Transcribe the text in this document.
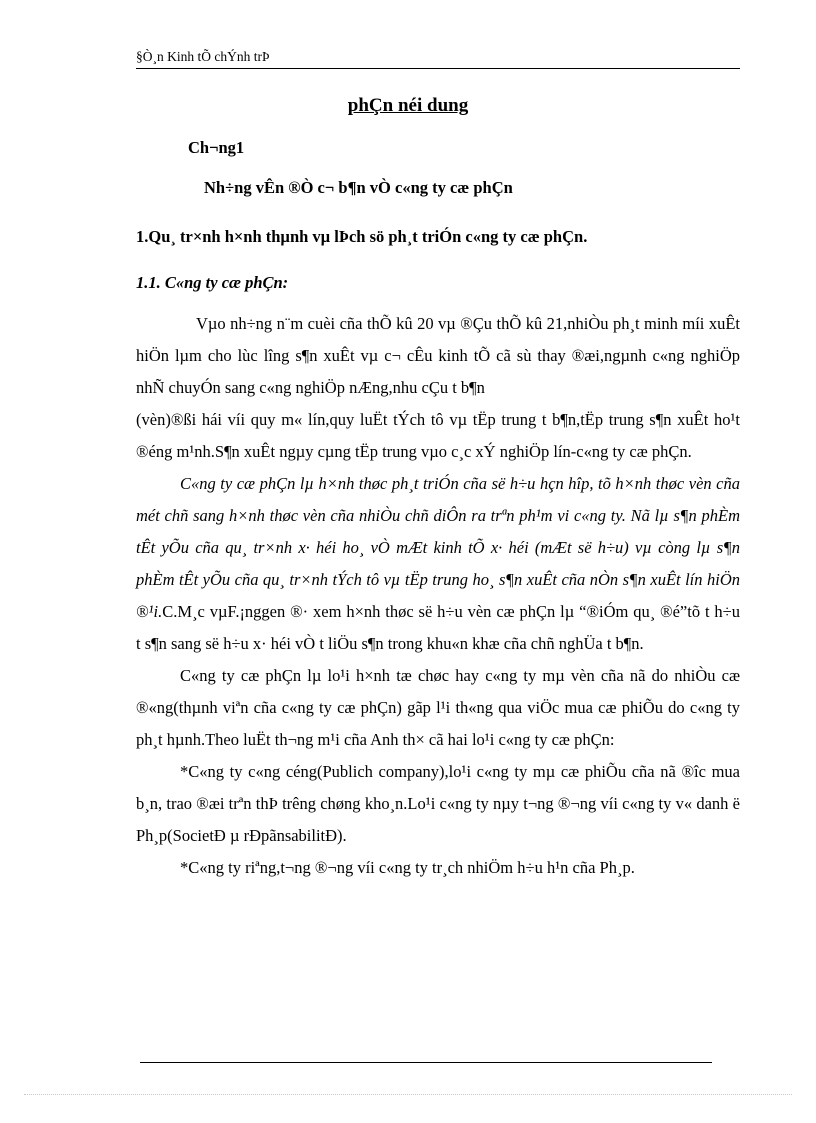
§Ò¸n Kinh tÕ chÝnh trÞ
phÇn néi dung
Ch¬ng1
Nh÷ng vÊn ®Ò c¬ b¶n vÒ c«ng ty cæ phÇn
1.Qu¸ tr×nh h×nh thµnh vµ lÞch sö ph¸t triÓn c«ng ty cæ phÇn.
1.1. C«ng ty cæ phÇn:

Vµo nh÷ng n¨m cuèi cña thÕ kû 20 vµ ®Çu thÕ kû 21,nhiÒu ph¸t minh míi xuÊt hiÖn lµm cho lùc lîng s¶n xuÊt vµ c¬ cÊu kinh tÕ cã sù thay ®æi,ngµnh c«ng nghiÖp nhÑ chuyÓn sang c«ng nghiÖp nÆng,nhu cÇu t b¶n

(vèn)®ßi hái víi quy m« lín,quy luËt tÝch tô vµ tËp trung t b¶n,tËp trung s¶n xuÊt ho¹t ®éng m¹nh.S¶n xuÊt ngµy cµng tËp trung vµo c¸c xÝ nghiÖp lín-c«ng ty cæ phÇn.

C«ng ty cæ phÇn lµ h×nh thøc ph¸t triÓn cña së h÷u hçn hîp, tõ h×nh thøc vèn cña mét chñ sang h×nh thøc vèn cña nhiÒu chñ diÔn ra trªn ph¹m vi c«ng ty. Nã lµ s¶n phÈm tÊt yÕu cña qu¸ tr×nh x· héi ho¸ vÒ mÆt kinh tÕ x· héi (mÆt së h÷u) vµ còng lµ s¶n phÈm tÊt yÕu cña qu¸ tr×nh tÝch tô vµ tËp trung ho¸ s¶n xuÊt cña nÒn s¶n xuÊt lín hiÖn ®¹i.C.M¸c vµF.¡nggen ®· xem h×nh thøc së h÷u vèn cæ phÇn lµ “®iÓm qu¸ ®é”tõ t h÷u t s¶n sang së h÷u x· héi vÒ t liÖu s¶n trong khu«n khæ cña chñ nghÜa t b¶n.

C«ng ty cæ phÇn lµ lo¹i h×nh tæ chøc hay c«ng ty mµ vèn cña nã do nhiÒu cæ ®«ng(thµnh viªn cña c«ng ty cæ phÇn) gãp l¹i th«ng qua viÖc mua cæ phiÕu do c«ng ty ph¸t hµnh.Theo luËt th¬ng m¹i cña Anh th× cã hai lo¹i c«ng ty cæ phÇn:

*C«ng ty c«ng céng(Publich company),lo¹i c«ng ty mµ cæ phiÕu cña nã ®îc mua b¸n, trao ®æi trªn thÞ trêng chøng kho¸n.Lo¹i c«ng ty nµy t¬ng ®¬ng víi c«ng ty v« danh ë Ph¸p(SocietÐ µ rÐpãnsabilitÐ).

*C«ng ty riªng,t¬ng ®¬ng víi c«ng ty tr¸ch nhiÖm h÷u h¹n cña Ph¸p.
